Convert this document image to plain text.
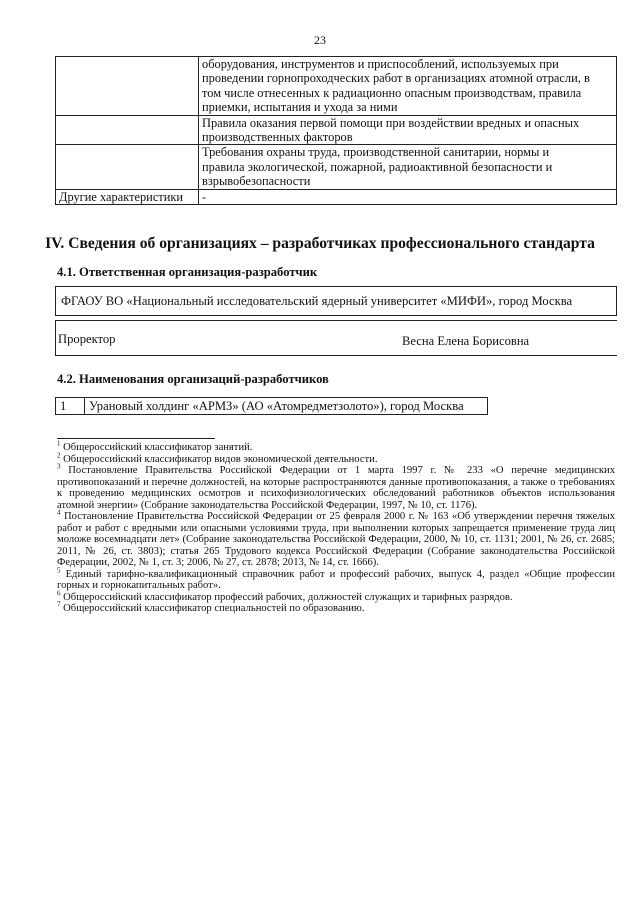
23

	оборудования, инструментов и приспособлений, используемых при
проведении горнопроходческих работ в организациях атомной отрасли, в
том числе отнесенных к радиационно опасным производствам, правила
приемки, испытания и ухода за ними

	Правила оказания первой помощи при воздействии вредных и опасных
производственных факторов

	Требования охраны труда, производственной санитарии, нормы и
правила экологической, пожарной, радиоактивной безопасности и
взрывобезопасности

Другие характеристики	-
IV. Сведения об организациях – разработчиках профессионального стандарта
4.1. Ответственная организация-разработчик
ФГАОУ ВО «Национальный исследовательский ядерный университет «МИФИ», город Москва
Проректор	Весна Елена Борисовна
4.2. Наименования организаций-разработчиков
1	Урановый холдинг «АРМЗ» (АО «Атомредметзолото»), город Москва

$^1$ Общероссийский классификатор занятий.

$^2$ Общероссийский классификатор видов экономической деятельности.

$^3$ Постановление Правительства Российской Федерации от 1 марта 1997 г. № 233 «О перечне медицинских противопоказаний и перечне должностей, на которые распространяются данные противопоказания, а также о требованиях к проведению медицинских осмотров и психофизиологических обследований работников объектов использования атомной энергии» (Собрание законодательства Российской Федерации, 1997, № 10, ст. 1176).

$^4$ Постановление Правительства Российской Федерации от 25 февраля 2000 г. № 163 «Об утверждении перечня тяжелых работ и работ с вредными или опасными условиями труда, при выполнении которых запрещается применение труда лиц моложе восемнадцати лет» (Собрание законодательства Российской Федерации, 2000, № 10, ст. 1131; 2001, № 26, ст. 2685; 2011, № 26, ст. 3803); статья 265 Трудового кодекса Российской Федерации (Собрание законодательства Российской Федерации, 2002, № 1, ст. 3; 2006, № 27, ст. 2878; 2013, № 14, ст. 1666).

$^5$ Единый тарифно-квалификационный справочник работ и профессий рабочих, выпуск 4, раздел «Общие профессии горных и горнокапитальных работ».

$^6$ Общероссийский классификатор профессий рабочих, должностей служащих и тарифных разрядов.

$^7$ Общероссийский классификатор специальностей по образованию.
